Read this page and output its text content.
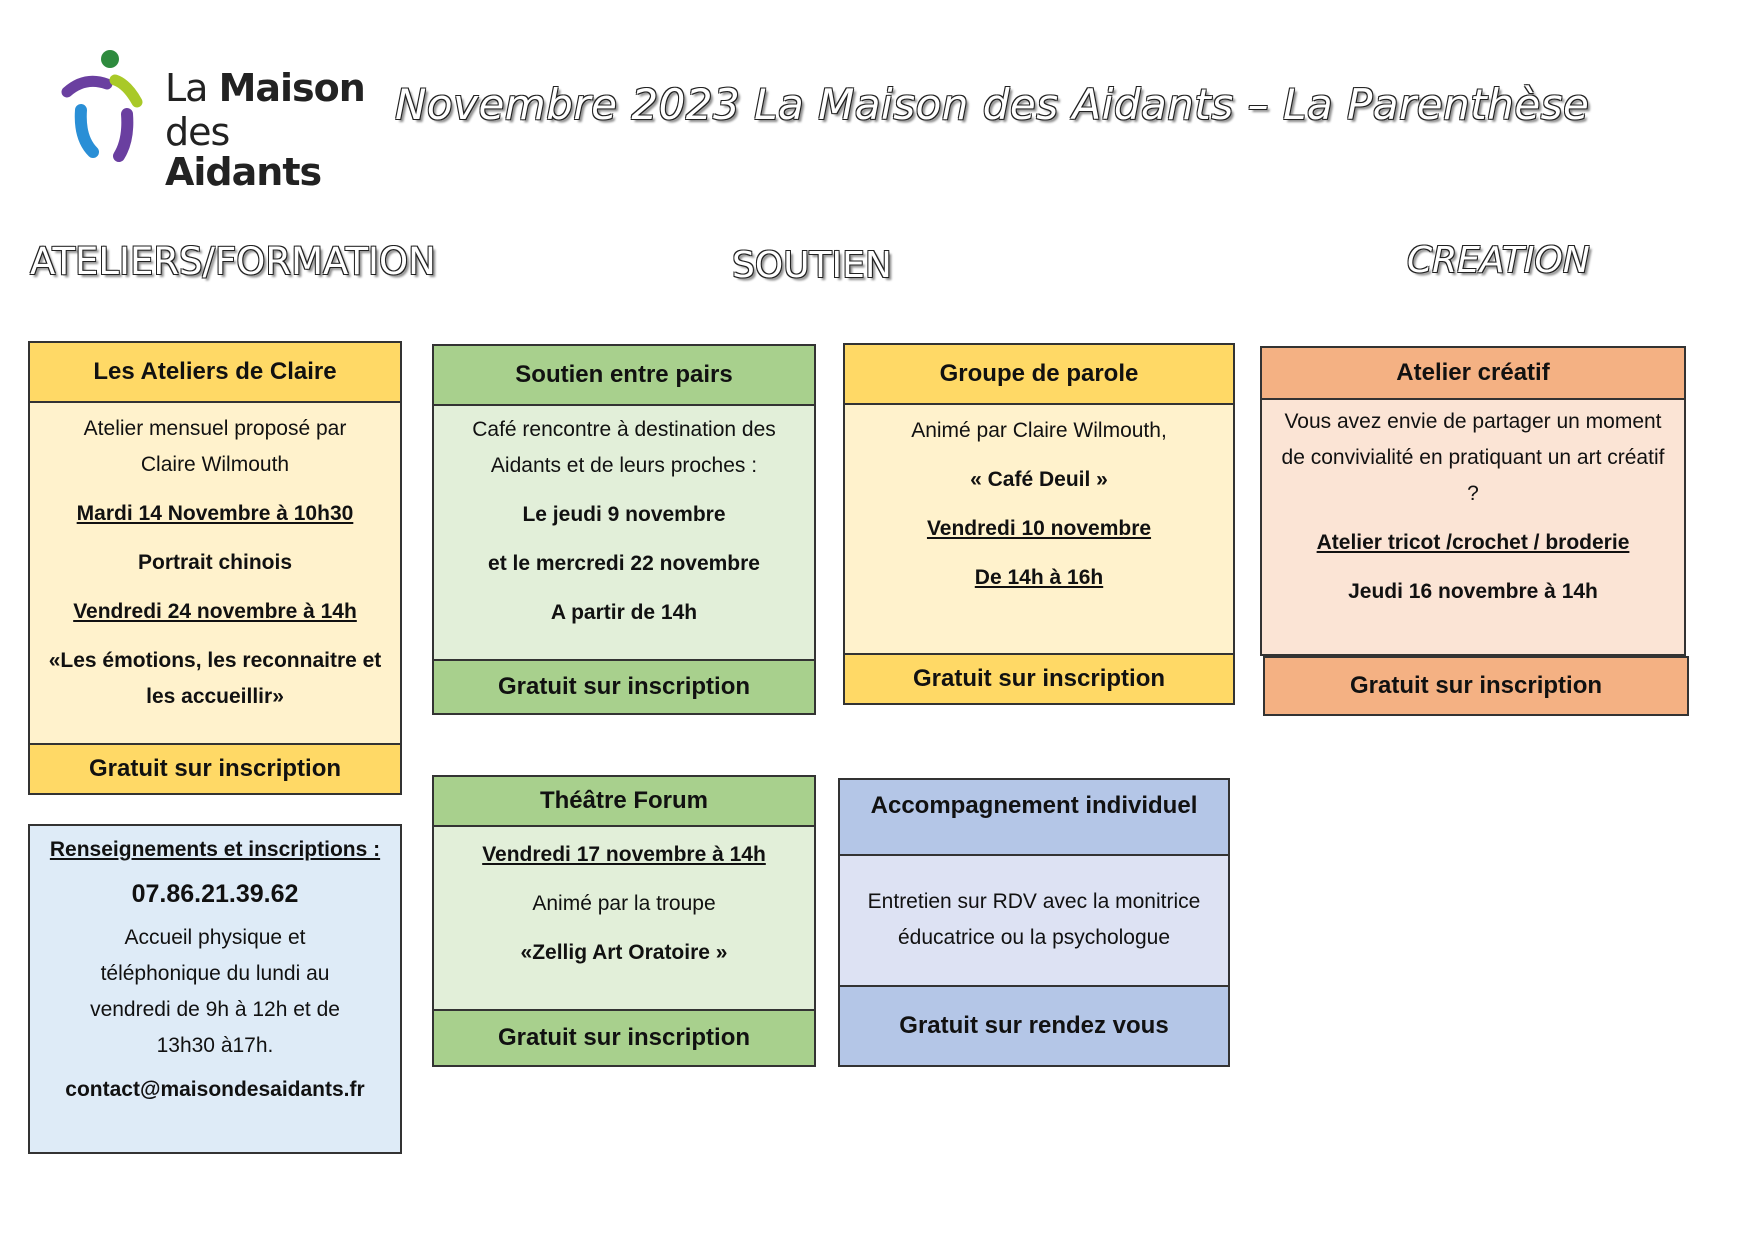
La Maison
des Aidants
Novembre 2023 La Maison des Aidants – La Parenthèse
ATELIERS/FORMATION	SOUTIEN	CREATION
Les Ateliers de Claire

Atelier mensuel proposé par Claire Wilmouth

Mardi 14 Novembre à 10h30

Portrait chinois

Vendredi 24 novembre à 14h

«Les émotions, les reconnaitre et les accueillir»

Gratuit sur inscription

Renseignements et inscriptions :

07.86.21.39.62

Accueil physique et téléphonique du lundi au vendredi de 9h à 12h et de 13h30 à17h.

contact@maisondesaidants.fr

Soutien entre pairs

Café rencontre à destination des Aidants et de leurs proches :

Le jeudi 9 novembre

et le mercredi 22 novembre

A partir de 14h

Gratuit sur inscription
Théâtre Forum

Vendredi 17 novembre à 14h

Animé par la troupe

«Zellig Art Oratoire »

Gratuit sur inscription
Groupe de parole

Animé par Claire Wilmouth,

« Café Deuil »

Vendredi 10 novembre

De 14h à 16h

Gratuit sur inscription
Accompagnement individuel

Entretien sur RDV avec la monitrice éducatrice ou la psychologue

Gratuit sur rendez vous
Atelier créatif

Vous avez envie de partager un moment de convivialité en pratiquant un art créatif ?

Atelier tricot /crochet / broderie

Jeudi 16 novembre à 14h

Gratuit sur inscription
